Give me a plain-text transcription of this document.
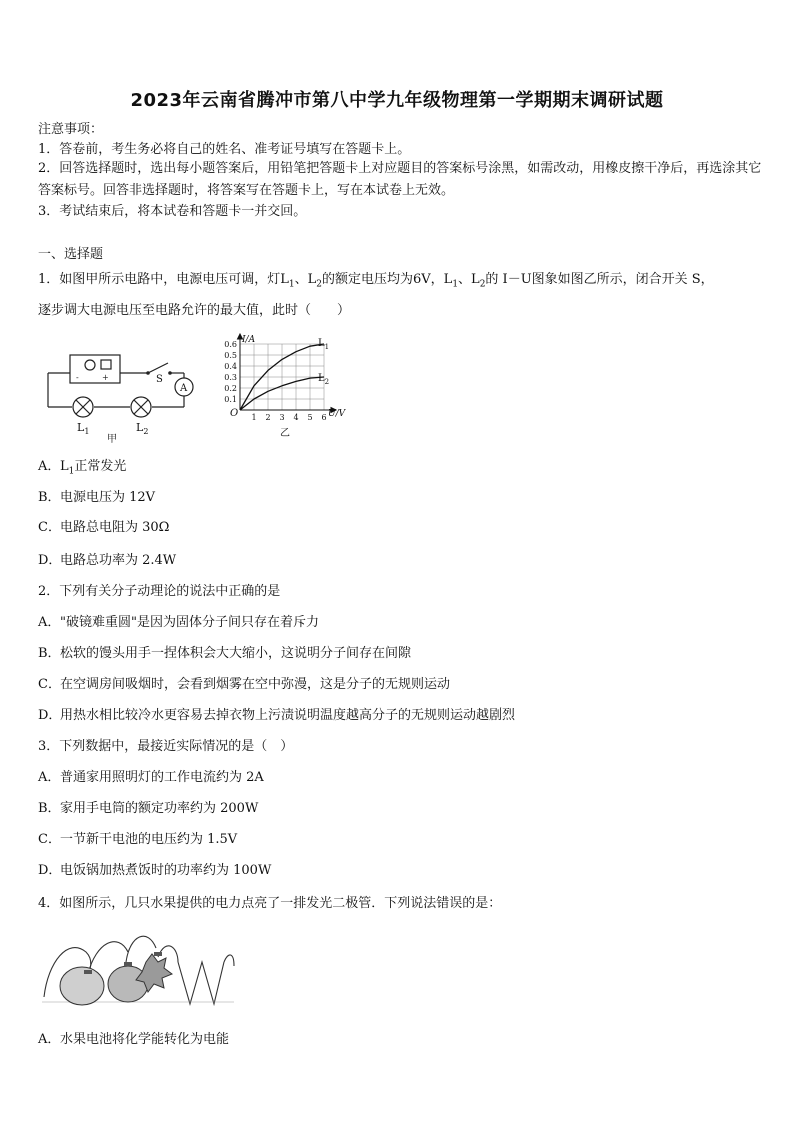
2023年云南省腾冲市第八中学九年级物理第一学期期末调研试题
注意事项：
1．答卷前，考生务必将自己的姓名、准考证号填写在答题卡上。
2．回答选择题时，选出每小题答案后，用铅笔把答题卡上对应题目的答案标号涂黑，如需改动，用橡皮擦干净后，再选涂其它答案标号。回答非选择题时，将答案写在答题卡上，写在本试卷上无效。
3．考试结束后，将本试卷和答题卡一并交回。
一、选择题
1．如图甲所示电路中，电源电压可调，灯$L_1$、$L_2$的额定电压均为6V，$L_1$、$L_2$的 I－U图象如图乙所示，闭合开关 S，
逐步调大电源电压至电路允许的最大值，此时（　　）
-	+	S
A
$L_1$	$L_2$
甲
0.6
0.5
0.4
0.3
0.2
0.1
1 2 3 4 5 6
I/A
U/V
O
$L_1$
$L_2$
乙
A．$L_1$正常发光
B．电源电压为 12V
C．电路总电阻为 30Ω
D．电路总功率为 2.4W
2．下列有关分子动理论的说法中正确的是
A．"破镜难重圆"是因为固体分子间只存在着斥力
B．松软的馒头用手一捏体积会大大缩小，这说明分子间存在间隙
C．在空调房间吸烟时，会看到烟雾在空中弥漫，这是分子的无规则运动
D．用热水相比较冷水更容易去掉衣物上污渍说明温度越高分子的无规则运动越剧烈
3．下列数据中，最接近实际情况的是（　）
A．普通家用照明灯的工作电流约为 2A
B．家用手电筒的额定功率约为 200W
C．一节新干电池的电压约为 1.5V
D．电饭锅加热煮饭时的功率约为 100W
4．如图所示，几只水果提供的电力点亮了一排发光二极管．下列说法错误的是：
A．水果电池将化学能转化为电能
